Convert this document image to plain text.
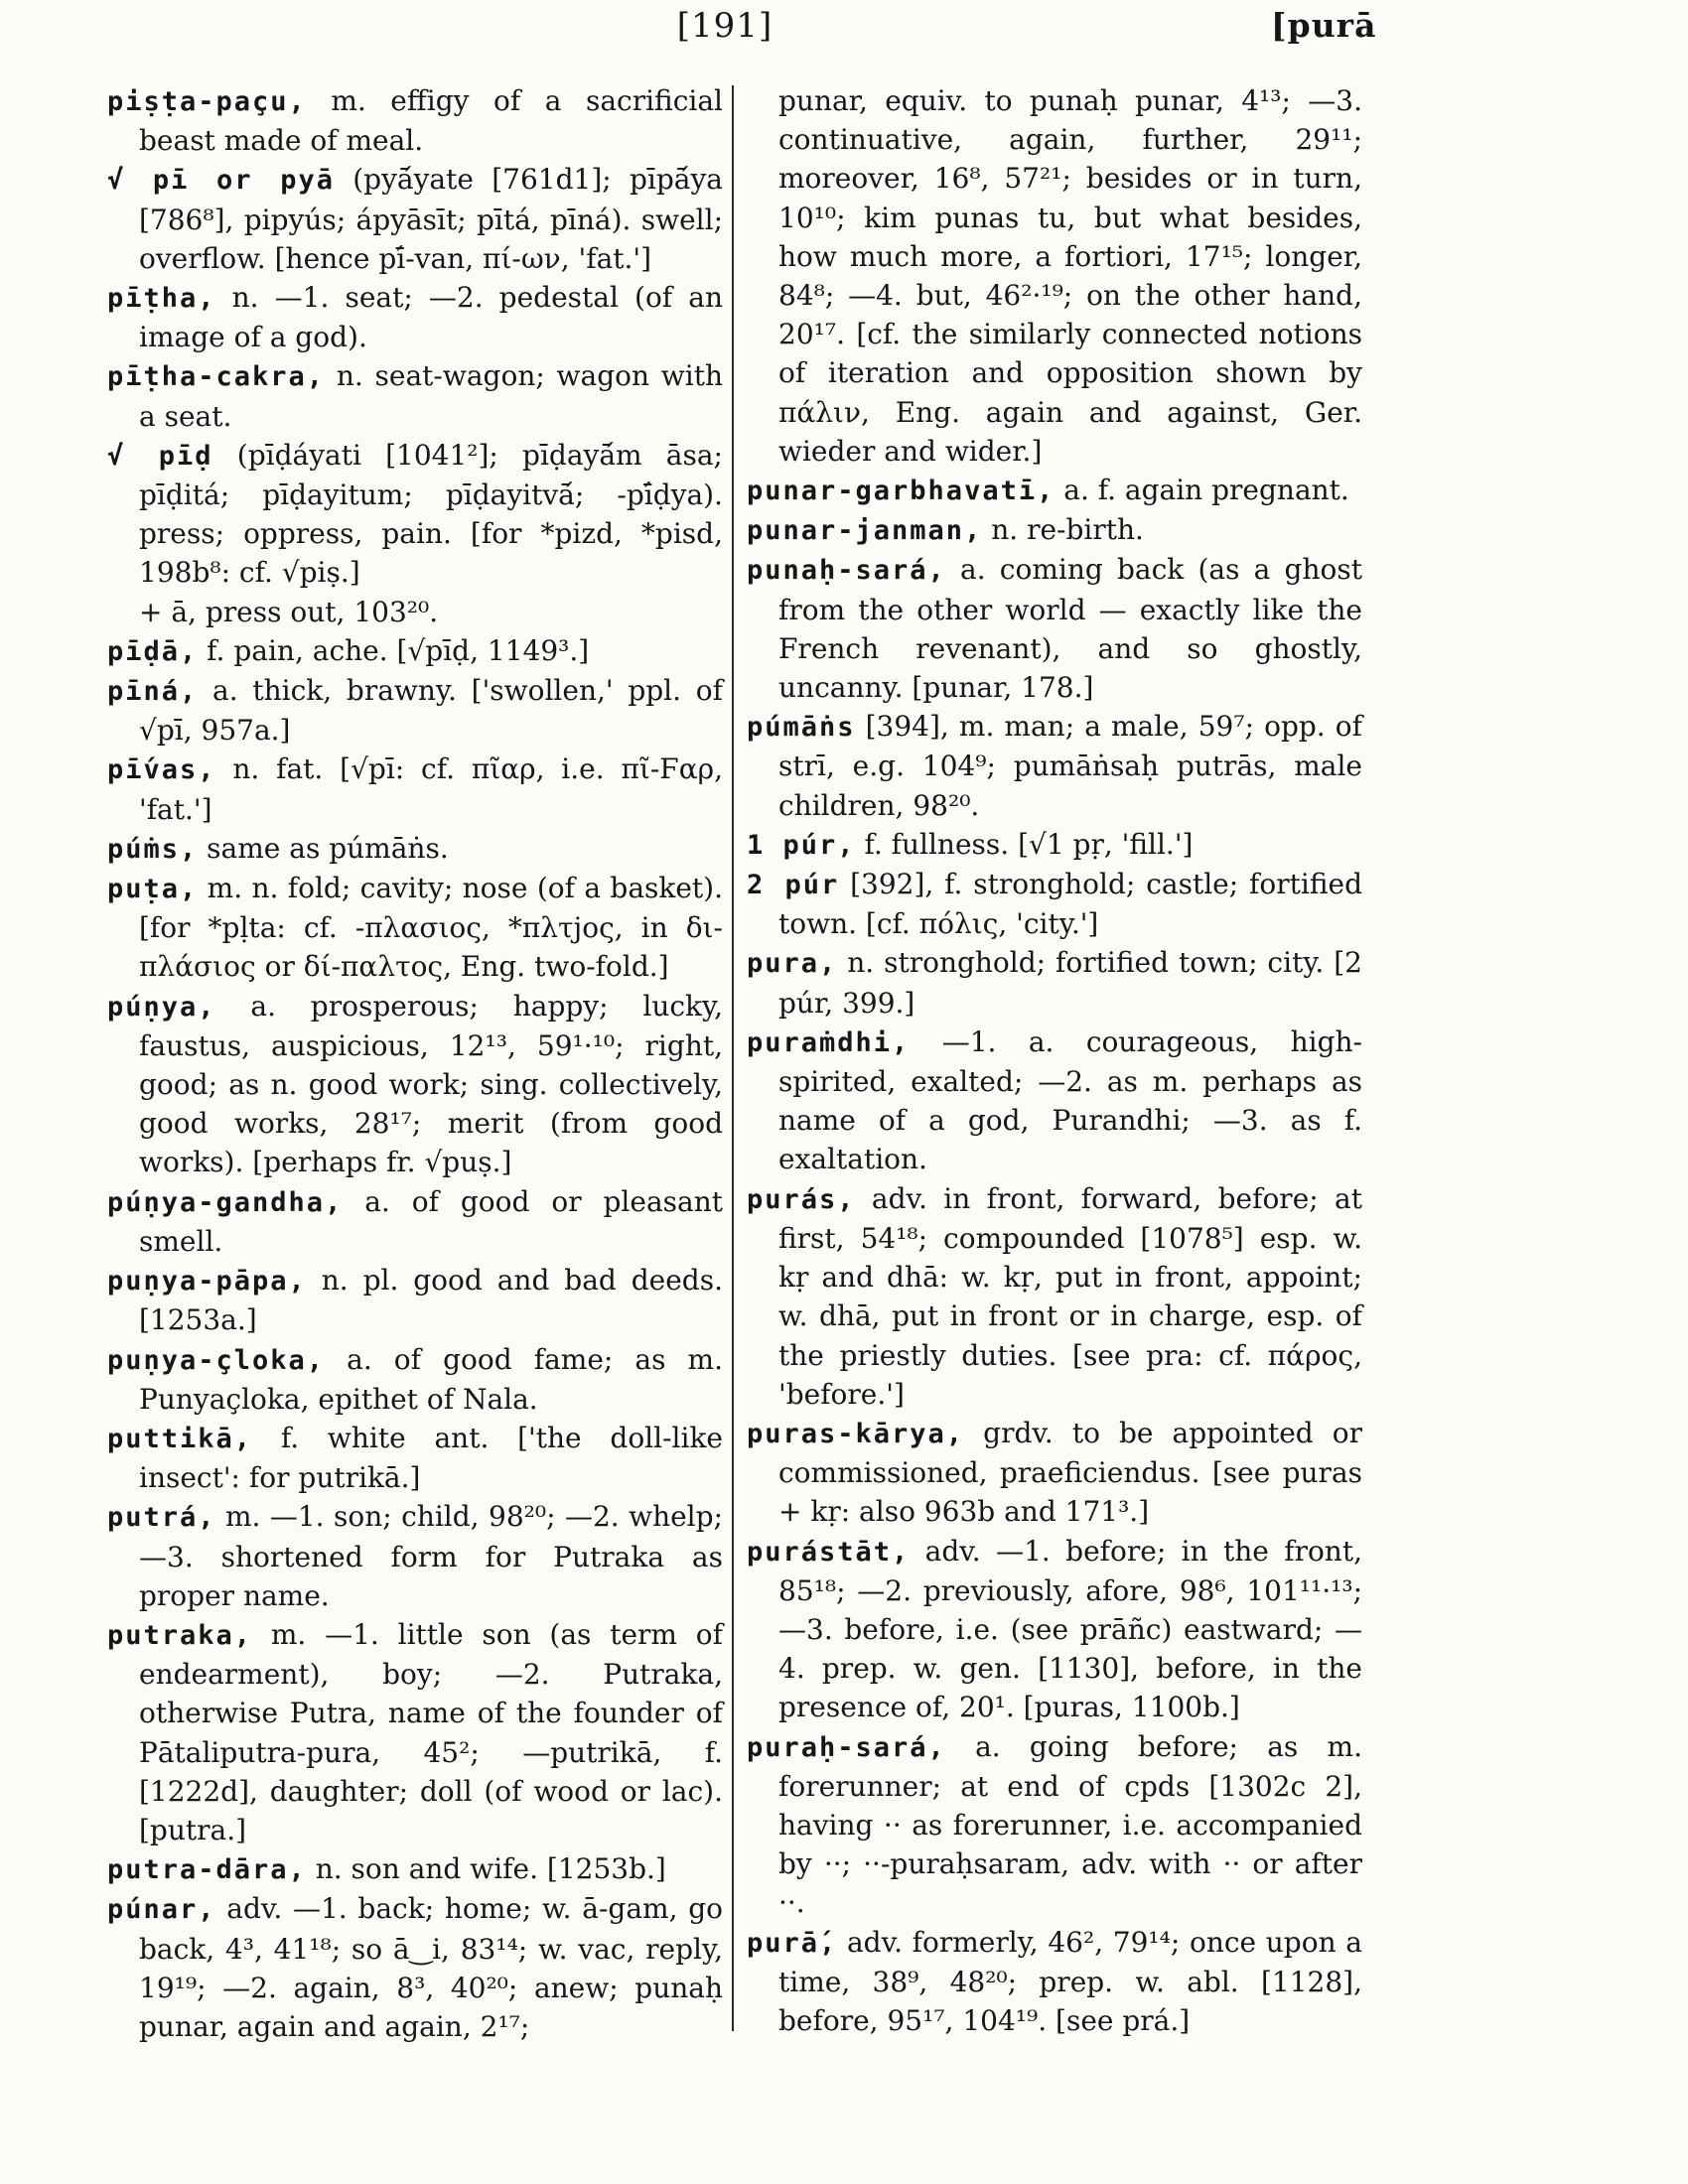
[191]	[purā
piṣṭa-paçu, m. effigy of a sacrificial beast made of meal.
√ pī or pyā (pyā́yate [761d1]; pīpā́ya [786⁸], pipyús; ápyāsīt; pītá, pīná). swell; overflow. [hence pī́-van, πί-ων, 'fat.']
pīṭha, n. —1. seat; —2. pedestal (of an image of a god).
pīṭha-cakra, n. seat-wagon; wagon with a seat.
√ pīḍ (pīḍáyati [1041²]; pīḍayā́m āsa; pīḍitá; pīḍayitum; pīḍayitvā́; -pī́ḍya). press; oppress, pain. [for *pizd, *pisd, 198b⁸: cf. √piṣ.]
+ ā, press out, 103²⁰.
pīḍā, f. pain, ache. [√pīḍ, 1149³.]
pīná, a. thick, brawny. ['swollen,' ppl. of √pī, 957a.]
pī́vas, n. fat. [√pī: cf. πῖαρ, i.e. πῖ-Ϝαρ, 'fat.']
púṁs, same as púmāṅs.
puṭa, m. n. fold; cavity; nose (of a basket). [for *pḷta: cf. -πλασιος, *πλτjος, in δι-πλάσιος or δί-παλτος, Eng. two-fold.]
púṇya, a. prosperous; happy; lucky, faustus, auspicious, 12¹³, 59¹·¹⁰; right, good; as n. good work; sing. collectively, good works, 28¹⁷; merit (from good works). [perhaps fr. √puṣ.]
púṇya-gandha, a. of good or pleasant smell.
puṇya-pāpa, n. pl. good and bad deeds. [1253a.]
puṇya-çloka, a. of good fame; as m. Punyaçloka, epithet of Nala.
puttikā, f. white ant. ['the doll-like insect': for putrikā.]
putrá, m. —1. son; child, 98²⁰; —2. whelp; —3. shortened form for Putraka as proper name.
putraka, m. —1. little son (as term of endearment), boy; —2. Putraka, otherwise Putra, name of the founder of Pātaliputra-pura, 45²; —putrikā, f. [1222d], daughter; doll (of wood or lac). [putra.]
putra-dāra, n. son and wife. [1253b.]
púnar, adv. —1. back; home; w. ā-gam, go back, 4³, 41¹⁸; so ā‿i, 83¹⁴; w. vac, reply, 19¹⁹; —2. again, 8³, 40²⁰; anew; punaḥ punar, again and again, 2¹⁷;
punar, equiv. to punaḥ punar, 4¹³; —3. continuative, again, further, 29¹¹; moreover, 16⁸, 57²¹; besides or in turn, 10¹⁰; kim punas tu, but what besides, how much more, a fortiori, 17¹⁵; longer, 84⁸; —4. but, 46²·¹⁹; on the other hand, 20¹⁷. [cf. the similarly connected notions of iteration and opposition shown by πάλιν, Eng. again and against, Ger. wieder and wider.]
punar-garbhavatī, a. f. again pregnant.
punar-janman, n. re-birth.
punaḥ-sará, a. coming back (as a ghost from the other world — exactly like the French revenant), and so ghostly, uncanny. [punar, 178.]
púmāṅs [394], m. man; a male, 59⁷; opp. of strī, e.g. 104⁹; pumāṅsaḥ putrās, male children, 98²⁰.
1 púr, f. fullness. [√1 pṛ, 'fill.']
2 púr [392], f. stronghold; castle; fortified town. [cf. πόλις, 'city.']
pura, n. stronghold; fortified town; city. [2 púr, 399.]
puraṁdhi, —1. a. courageous, high-spirited, exalted; —2. as m. perhaps as name of a god, Purandhi; —3. as f. exaltation.
purás, adv. in front, forward, before; at first, 54¹⁸; compounded [1078⁵] esp. w. kṛ and dhā: w. kṛ, put in front, appoint; w. dhā, put in front or in charge, esp. of the priestly duties. [see pra: cf. πάρος, 'before.']
puras-kārya, grdv. to be appointed or commissioned, praeficiendus. [see puras + kṛ: also 963b and 171³.]
purástāt, adv. —1. before; in the front, 85¹⁸; —2. previously, afore, 98⁶, 101¹¹·¹³; —3. before, i.e. (see prāñc) eastward; —4. prep. w. gen. [1130], before, in the presence of, 20¹. [puras, 1100b.]
puraḥ-sará, a. going before; as m. forerunner; at end of cpds [1302c 2], having ·· as forerunner, i.e. accompanied by ··; ··-puraḥsaram, adv. with ·· or after ··.
purā́, adv. formerly, 46², 79¹⁴; once upon a time, 38⁹, 48²⁰; prep. w. abl. [1128], before, 95¹⁷, 104¹⁹. [see prá.]
